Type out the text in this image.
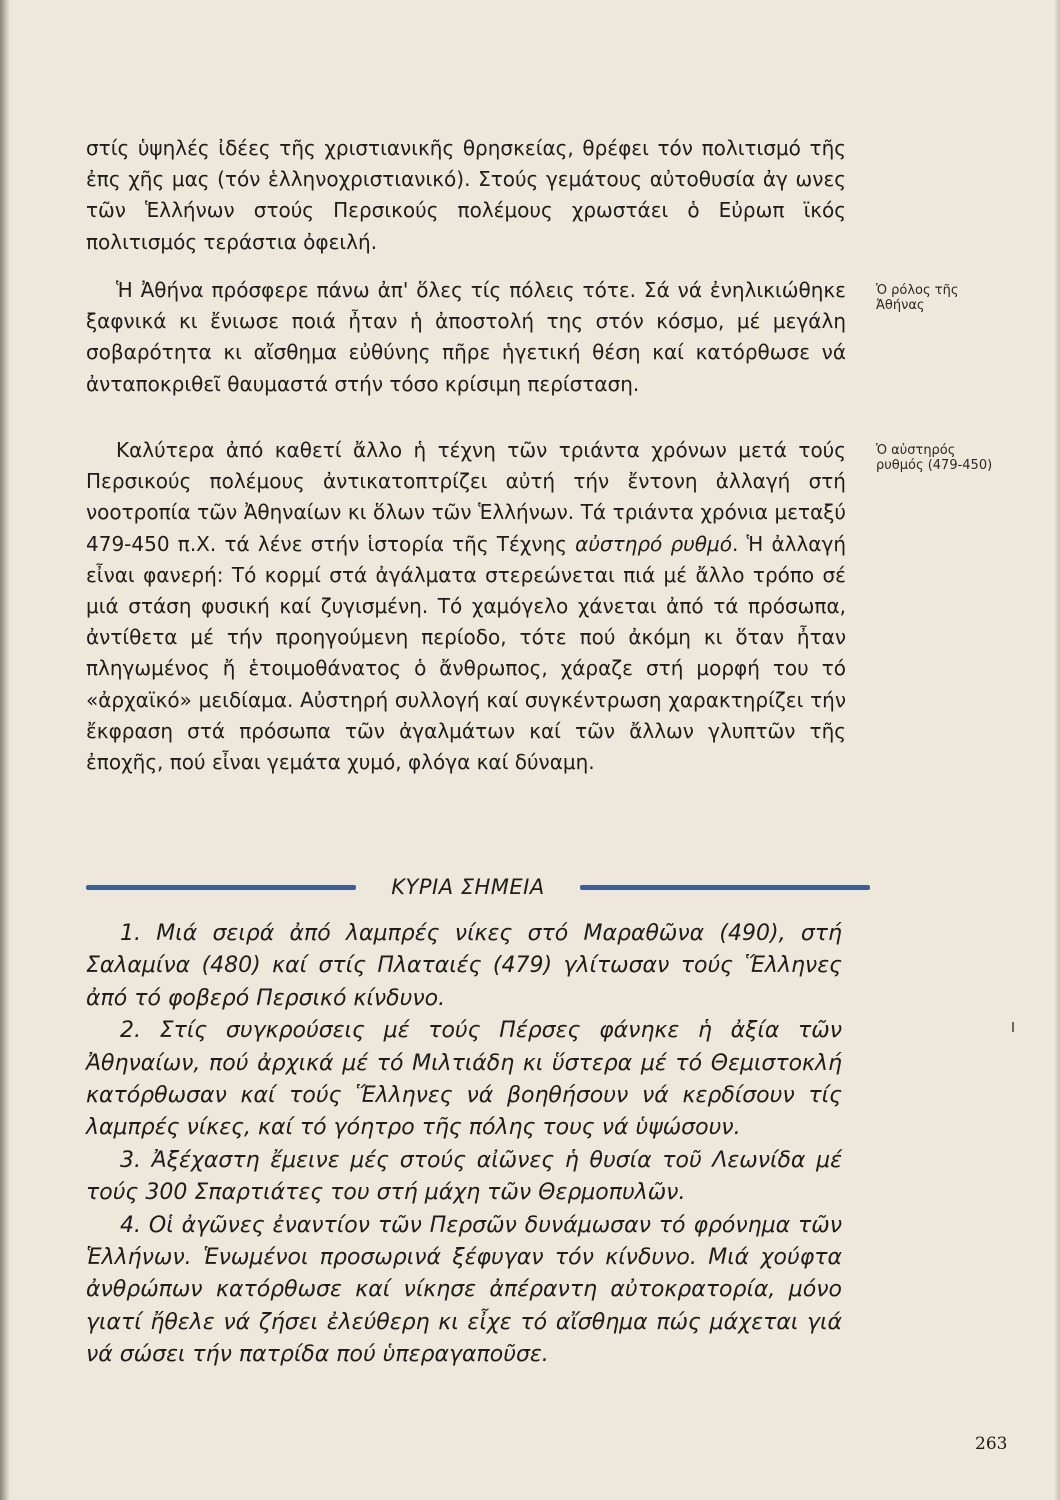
στίς ὑψηλές ἰδέες τῆς χριστιανικῆς θρησκείας, θρέφει τόν πολιτισμό τῆς ἐπς χῆς μας (τόν ἑλληνοχριστιανικό). Στούς γεμάτους αὐτοθυσία ἀγ ωνες τῶν Ἑλλήνων στούς Περσικούς πολέμους χρωστάει ὁ Εὐρωπ ϊκός πολιτισμός τεράστια ὀφειλή.

Ἡ Ἀθήνα πρόσφερε πάνω ἀπ' ὅλες τίς πόλεις τότε. Σά νά ἐνηλικιώθηκε ξαφνικά κι ἔνιωσε ποιά ἦταν ἡ ἀποστολή της στόν κόσμο, μέ μεγάλη σοβαρότητα κι αἴσθημα εὐθύνης πῆρε ἡγετική θέση καί κατόρθωσε νά ἀνταποκριθεῖ θαυμαστά στήν τόσο κρίσιμη περίσταση.

Καλύτερα ἀπό καθετί ἄλλο ἡ τέχνη τῶν τριάντα χρόνων μετά τούς Περσικούς πολέμους ἀντικατοπτρίζει αὐτή τήν ἔντονη ἀλλαγή στή νοοτροπία τῶν Ἀθηναίων κι ὅλων τῶν Ἑλλήνων. Τά τριάντα χρόνια μεταξύ 479-450 π.Χ. τά λένε στήν ἱστορία τῆς Τέχνης αὐστηρό ρυθμό. Ἡ ἀλλαγή εἶναι φανερή: Τό κορμί στά ἀγάλματα στερεώνεται πιά μέ ἄλλο τρόπο σέ μιά στάση φυσική καί ζυγισμένη. Τό χαμόγελο χάνεται ἀπό τά πρόσωπα, ἀντίθετα μέ τήν προηγούμενη περίοδο, τότε πού ἀκόμη κι ὅταν ἦταν πληγωμένος ἤ ἑτοιμοθάνατος ὁ ἄνθρωπος, χάραζε στή μορφή του τό «ἀρχαϊκό» μειδίαμα. Αὐστηρή συλλογή καί συγκέντρωση χαρακτηρίζει τήν ἔκφραση στά πρόσωπα τῶν ἀγαλμάτων καί τῶν ἄλλων γλυπτῶν τῆς ἐποχῆς, πού εἶναι γεμάτα χυμό, φλόγα καί δύναμη.

Ὁ ρόλος τῆς
Ἀθήνας

Ὁ αὐστηρός
ρυθμός (479-450)

ΚΥΡΙΑ ΣΗΜΕΙΑ
1. Μιά σειρά ἀπό λαμπρές νίκες στό Μαραθῶνα (490), στή Σαλαμίνα (480) καί στίς Πλαταιές (479) γλίτωσαν τούς Ἕλληνες ἀπό τό φοβερό Περσικό κίνδυνο.
2. Στίς συγκρούσεις μέ τούς Πέρσες φάνηκε ἡ ἀξία τῶν Ἀθηναίων, πού ἀρχικά μέ τό Μιλτιάδη κι ὕστερα μέ τό Θεμιστοκλή κατόρθωσαν καί τούς Ἕλληνες νά βοηθήσουν νά κερδίσουν τίς λαμπρές νίκες, καί τό γόητρο τῆς πόλης τους νά ὑψώσουν.
3. Ἀξέχαστη ἔμεινε μές στούς αἰῶνες ἡ θυσία τοῦ Λεωνίδα μέ τούς 300 Σπαρτιάτες του στή μάχη τῶν Θερμοπυλῶν.
4. Οἱ ἀγῶνες ἐναντίον τῶν Περσῶν δυνάμωσαν τό φρόνημα τῶν Ἑλλήνων. Ἑνωμένοι προσωρινά ξέφυγαν τόν κίνδυνο. Μιά χούφτα ἀνθρώπων κατόρθωσε καί νίκησε ἀπέραντη αὐτοκρατορία, μόνο γιατί ἤθελε νά ζήσει ἐλεύθερη κι εἶχε τό αἴσθημα πώς μάχεται γιά νά σώσει τήν πατρίδα πού ὑπεραγαποῦσε.
263
